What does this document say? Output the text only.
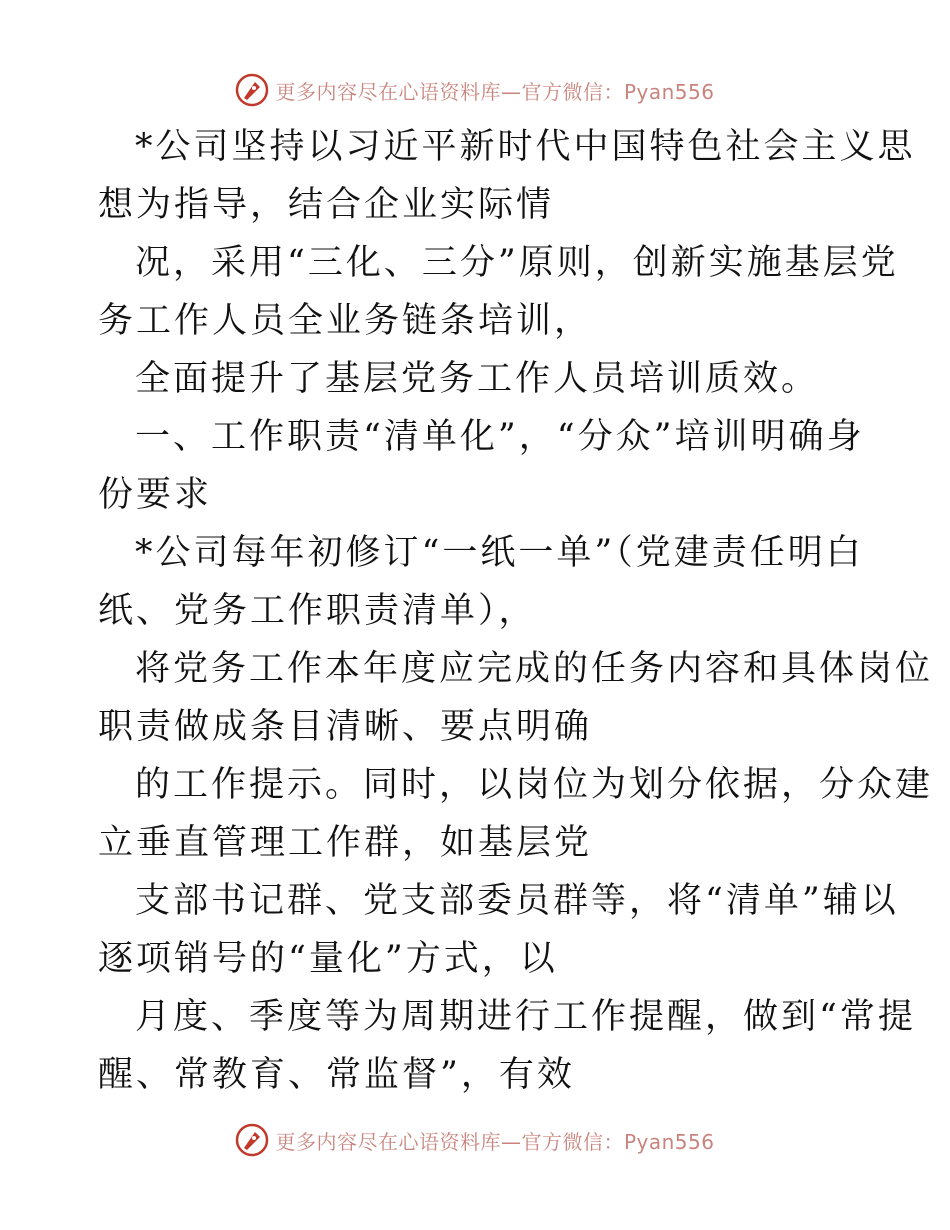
更多内容尽在心语资料库—官方微信：Pyan556
*公司坚持以习近平新时代中国特色社会主义思
想为指导，结合企业实际情
况，采用“三化、三分”原则，创新实施基层党
务工作人员全业务链条培训，
全面提升了基层党务工作人员培训质效。
一、工作职责“清单化”，“分众”培训明确身
份要求
*公司每年初修订“一纸一单”（党建责任明白
纸、党务工作职责清单），
将党务工作本年度应完成的任务内容和具体岗位
职责做成条目清晰、要点明确
的工作提示。同时，以岗位为划分依据，分众建
立垂直管理工作群，如基层党
支部书记群、党支部委员群等，将“清单”辅以
逐项销号的“量化”方式，以
月度、季度等为周期进行工作提醒，做到“常提
醒、常教育、常监督”，有效
更多内容尽在心语资料库—官方微信：Pyan556
